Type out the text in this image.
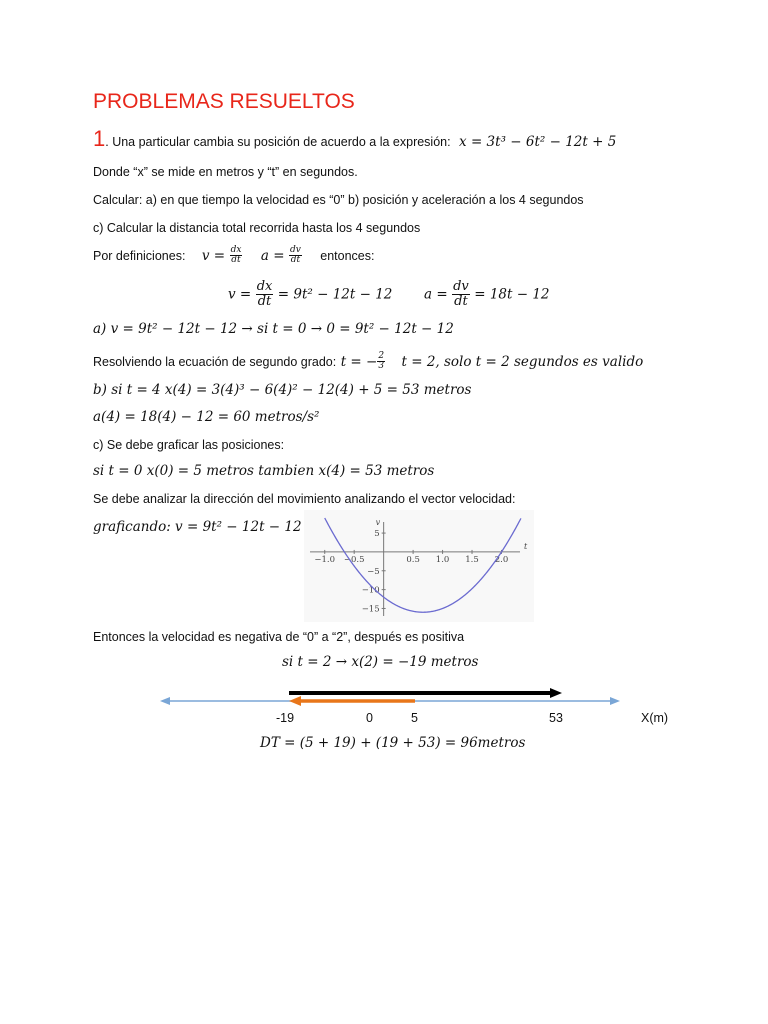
PROBLEMAS RESUELTOS
1. Una particular cambia su posición de acuerdo a la expresión: x = 3t³ − 6t² − 12t + 5
Donde “x” se mide en metros y “t” en segundos.
Calcular: a) en que tiempo la velocidad es “0” b) posición y aceleración a los 4 segundos
c) Calcular la distancia total recorrida hasta los 4 segundos
Por definiciones: $v = \frac{dx}{dt}$ $a = \frac{dv}{dt}$ entonces:
$v = \frac{dx}{dt} = 9t^2 - 12t - 12$ $a = \frac{dv}{dt} = 18t - 12$
a) v = 9t² − 12t − 12 → si t = 0 → 0 = 9t² − 12t − 12
Resolviendo la ecuación de segundo grado: t = − $\frac{2}{3}$ t = 2, solo t = 2 segundos es valido
b) si t = 4 x(4) = 3(4)³ − 6(4)² − 12(4) + 5 = 53 metros
a(4) = 18(4) − 12 = 60 metros/s²
c) Se debe graficar las posiciones:
si t = 0 x(0) = 5 metros tambien x(4) = 53 metros
Se debe analizar la dirección del movimiento analizando el vector velocidad:
graficando: v = 9t² − 12t − 12
−1.0 −0.5	0.5 1.0 1.5 2.0
5
−5
−10
−15
t
v
Entonces la velocidad es negativa de “0” a “2”, después es positiva
si t = 2 → x(2) = −19 metros
-19	0	5	53	X(m)
DT = (5 + 19) + (19 + 53) = 96metros
